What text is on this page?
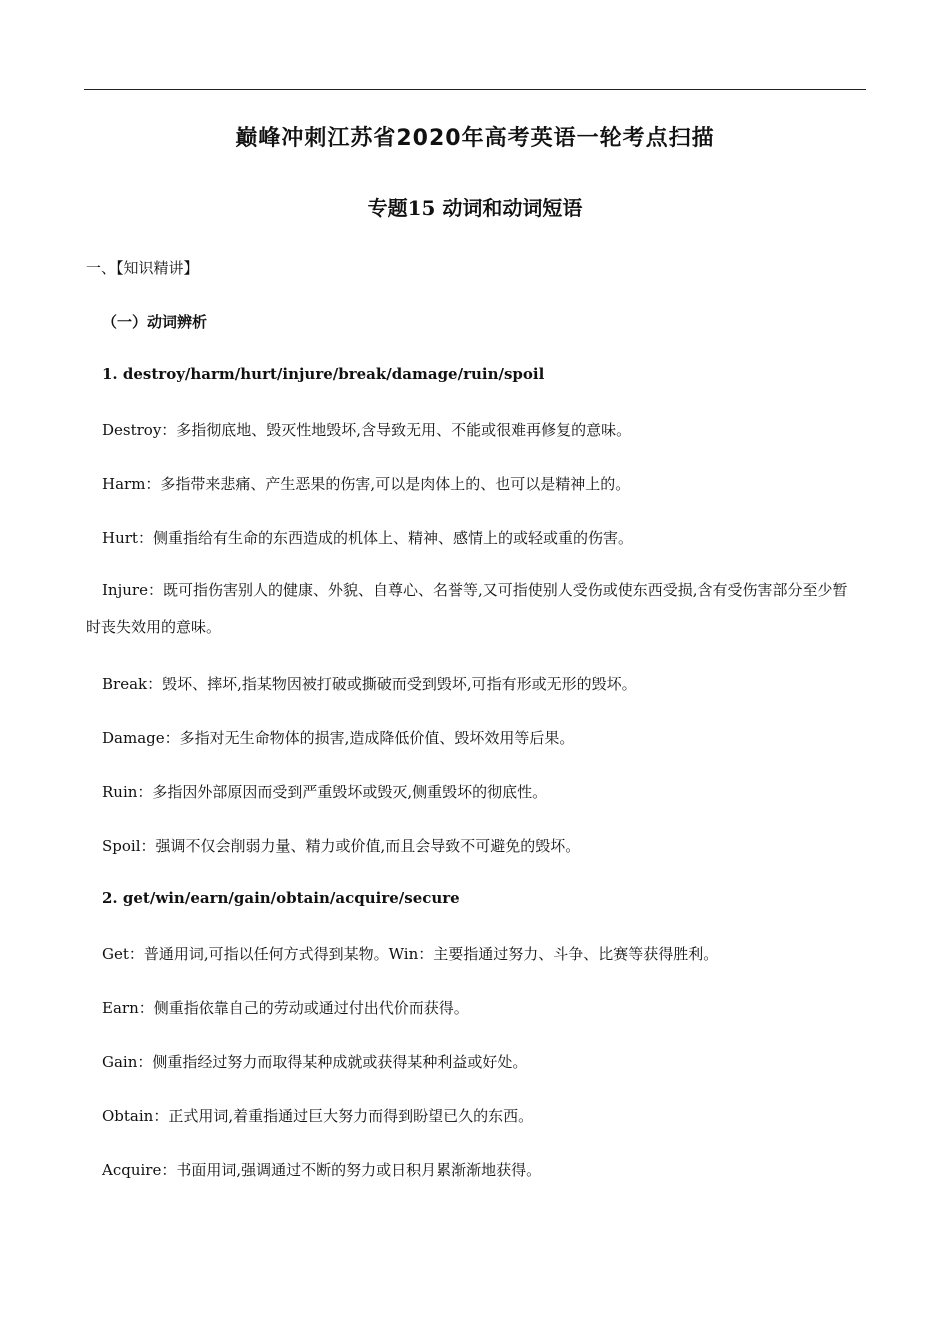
巅峰冲刺江苏省2020年高考英语一轮考点扫描
专题15 动词和动词短语
一、【知识精讲】
（一）动词辨析
1. destroy/harm/hurt/injure/break/damage/ruin/spoil
Destroy：多指彻底地、毁灭性地毁坏,含导致无用、不能或很难再修复的意味。
Harm：多指带来悲痛、产生恶果的伤害,可以是肉体上的、也可以是精神上的。
Hurt：侧重指给有生命的东西造成的机体上、精神、感情上的或轻或重的伤害。
Injure：既可指伤害别人的健康、外貌、自尊心、名誉等,又可指使别人受伤或使东西受损,含有受伤害部分至少暂时丧失效用的意味。
Break：毁坏、摔坏,指某物因被打破或撕破而受到毁坏,可指有形或无形的毁坏。
Damage：多指对无生命物体的损害,造成降低价值、毁坏效用等后果。
Ruin：多指因外部原因而受到严重毁坏或毁灭,侧重毁坏的彻底性。
Spoil：强调不仅会削弱力量、精力或价值,而且会导致不可避免的毁坏。
2. get/win/earn/gain/obtain/acquire/secure
Get：普通用词,可指以任何方式得到某物。Win：主要指通过努力、斗争、比赛等获得胜利。
Earn：侧重指依靠自己的劳动或通过付出代价而获得。
Gain：侧重指经过努力而取得某种成就或获得某种利益或好处。
Obtain：正式用词,着重指通过巨大努力而得到盼望已久的东西。
Acquire：书面用词,强调通过不断的努力或日积月累渐渐地获得。
